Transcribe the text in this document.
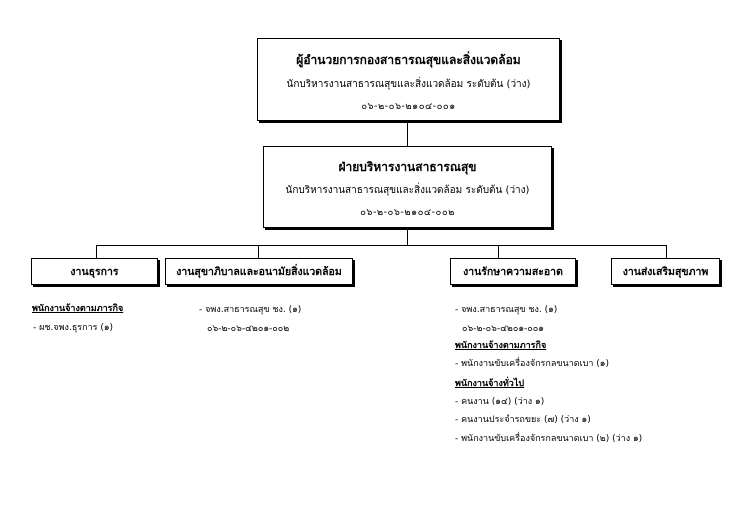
ผู้อำนวยการกองสาธารณสุขและสิ่งแวดล้อม
นักบริหารงานสาธารณสุขและสิ่งแวดล้อม ระดับต้น (ว่าง)
๐๖-๒-๐๖-๒๑๐๔-๐๐๑
ฝ่ายบริหารงานสาธารณสุข
นักบริหารงานสาธารณสุขและสิ่งแวดล้อม ระดับต้น (ว่าง)
๐๖-๒-๐๖-๒๑๐๔-๐๐๒
งานธุรการ	งานสุขาภิบาลและอนามัยสิ่งแวดล้อม	งานรักษาความสะอาด	งานส่งเสริมสุขภาพ
พนักงานจ้างตามภารกิจ
- ผช.จพง.ธุรการ (๑)
- จพง.สาธารณสุข ชง. (๑)
๐๖-๒-๐๖-๔๒๐๑-๐๐๒
- จพง.สาธารณสุข ชง. (๑)
๐๖-๒-๐๖-๔๒๐๑-๐๐๑
พนักงานจ้างตามภารกิจ
- พนักงานขับเครื่องจักรกลขนาดเบา (๑)
พนักงานจ้างทั่วไป
- คนงาน (๑๔) (ว่าง ๑)
- คนงานประจำรถขยะ (๗) (ว่าง ๑)
- พนักงานขับเครื่องจักรกลขนาดเบา (๒) (ว่าง ๑)
